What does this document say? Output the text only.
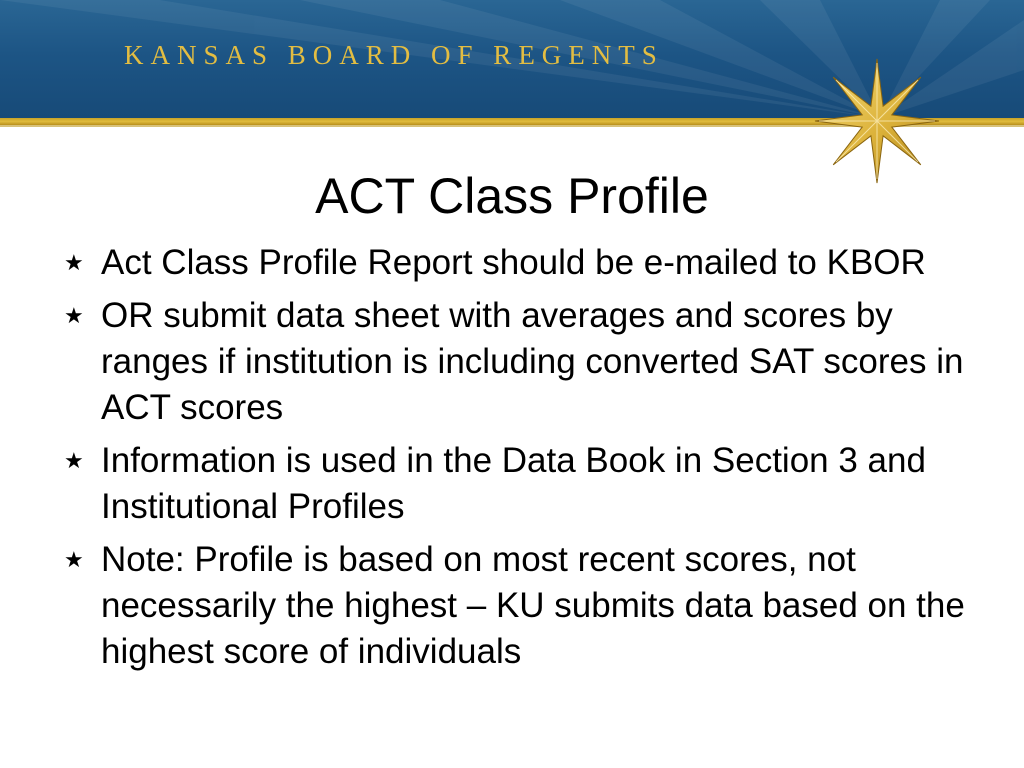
KANSAS BOARD OF REGENTS
ACT Class Profile
★ Act Class Profile Report should be e-mailed to KBOR
★ OR submit data sheet with averages and scores by ranges if institution is including converted SAT scores in ACT scores
★ Information is used in the Data Book in Section 3 and Institutional Profiles
★ Note: Profile is based on most recent scores, not necessarily the highest – KU submits data based on the highest score of individuals
